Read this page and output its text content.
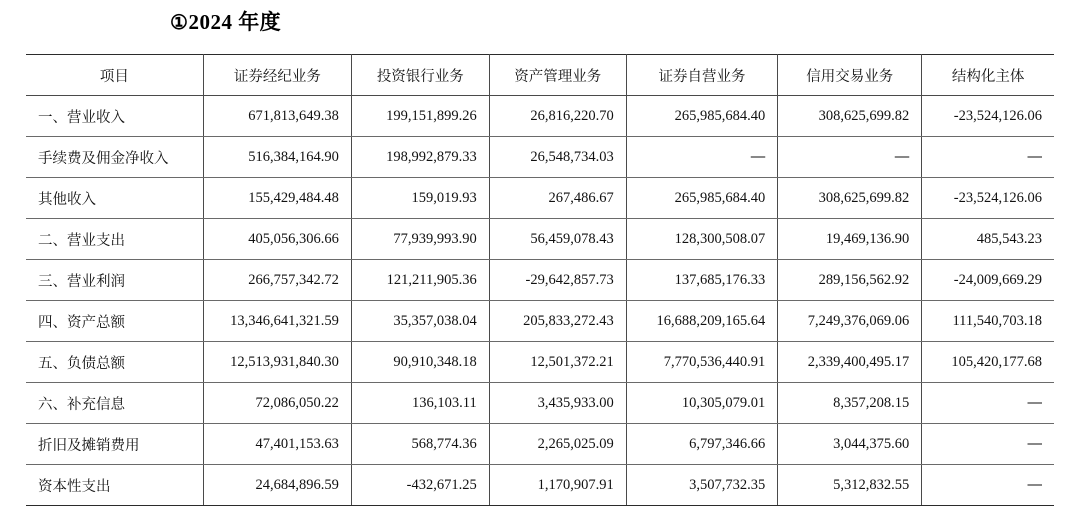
①2024 年度
项目	证券经纪业务	投资银行业务	资产管理业务	证券自营业务	信用交易业务	结构化主体
一、营业收入	671,813,649.38	199,151,899.26	26,816,220.70	265,985,684.40	308,625,699.82	-23,524,126.06
手续费及佣金净收入	516,384,164.90	198,992,879.33	26,548,734.03	—	—	—
其他收入	155,429,484.48	159,019.93	267,486.67	265,985,684.40	308,625,699.82	-23,524,126.06
二、营业支出	405,056,306.66	77,939,993.90	56,459,078.43	128,300,508.07	19,469,136.90	485,543.23
三、营业利润	266,757,342.72	121,211,905.36	-29,642,857.73	137,685,176.33	289,156,562.92	-24,009,669.29
四、资产总额	13,346,641,321.59	35,357,038.04	205,833,272.43	16,688,209,165.64	7,249,376,069.06	111,540,703.18
五、负债总额	12,513,931,840.30	90,910,348.18	12,501,372.21	7,770,536,440.91	2,339,400,495.17	105,420,177.68
六、补充信息	72,086,050.22	136,103.11	3,435,933.00	10,305,079.01	8,357,208.15	—
折旧及摊销费用	47,401,153.63	568,774.36	2,265,025.09	6,797,346.66	3,044,375.60	—
资本性支出	24,684,896.59	-432,671.25	1,170,907.91	3,507,732.35	5,312,832.55	—
